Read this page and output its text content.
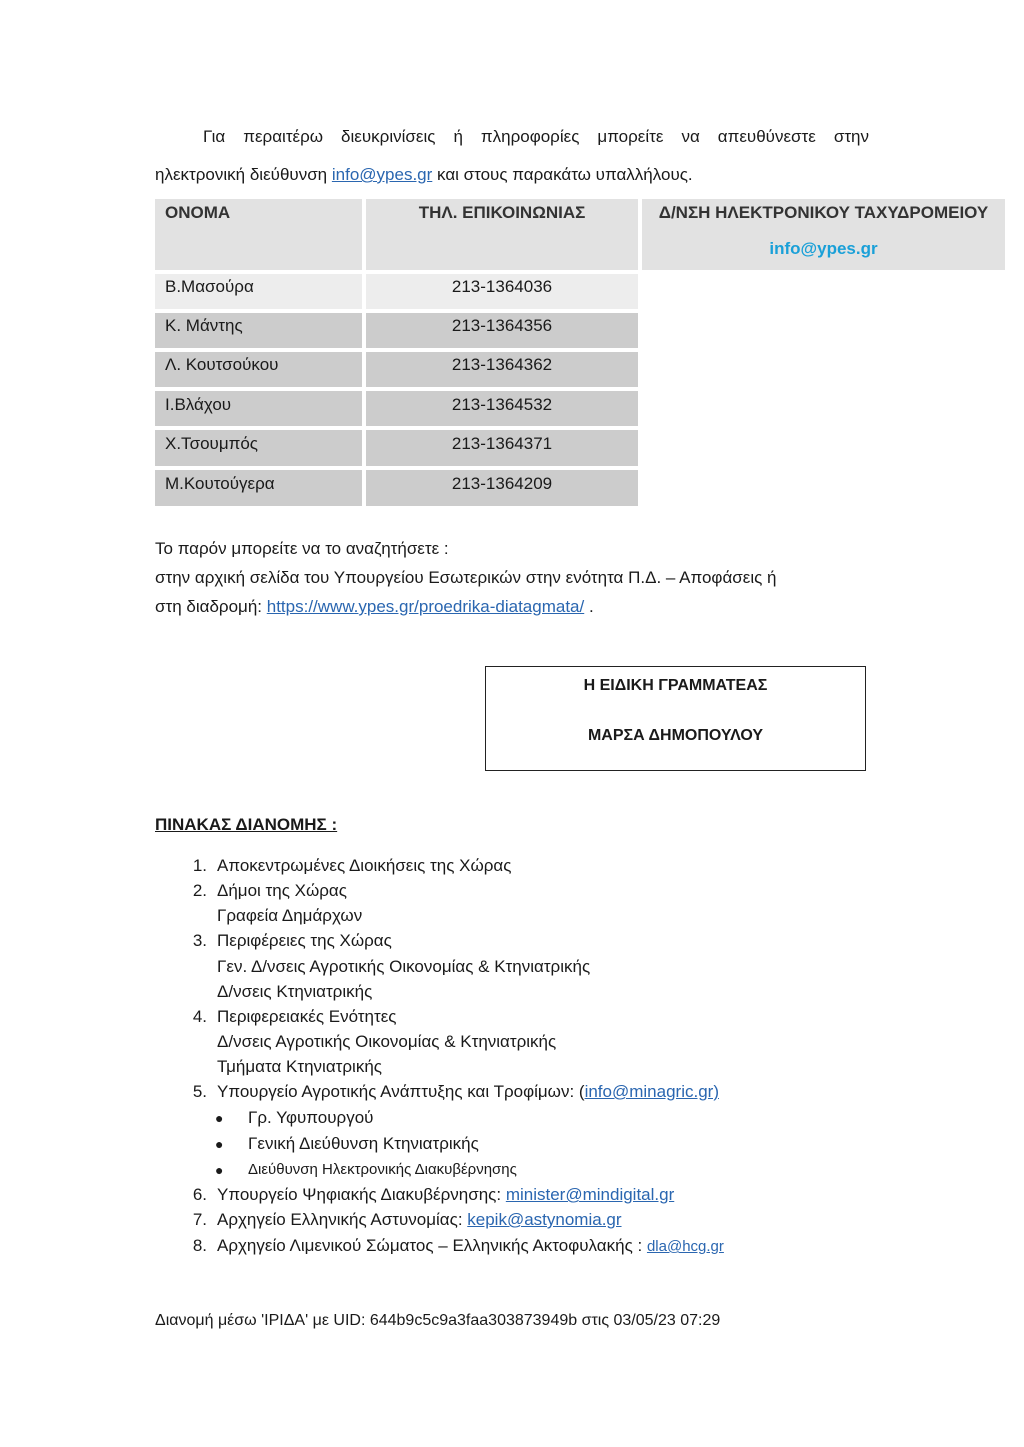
Για περαιτέρω διευκρινίσεις ή πληροφορίες μπορείτε να απευθύνεστε στην
ηλεκτρονική διεύθυνση info@ypes.gr και στους παρακάτω υπαλλήλους.
ΟΝΟΜΑ	ΤΗΛ. ΕΠΙΚΟΙΝΩΝΙΑΣ	Δ/ΝΣΗ ΗΛΕΚΤΡΟΝΙΚΟΥ ΤΑΧΥΔΡΟΜΕΙΟΥ
info@ypes.gr
Β.Μασούρα	213-1364036
Κ. Μάντης	213-1364356
Λ. Κουτσούκου	213-1364362
Ι.Βλάχου	213-1364532
Χ.Τσουμπός	213-1364371
Μ.Κουτούγερα	213-1364209
Το παρόν μπορείτε να το αναζητήσετε :
στην αρχική σελίδα του Υπουργείου Εσωτερικών στην ενότητα Π.Δ. – Αποφάσεις ή
στη διαδρομή: https://www.ypes.gr/proedrika-diatagmata/ .
Η ΕΙΔΙΚΗ ΓΡΑΜΜΑΤΕΑΣ
ΜΑΡΣΑ ΔΗΜΟΠΟΥΛΟΥ
ΠΙΝΑΚΑΣ ΔΙΑΝΟΜΗΣ :
1. Αποκεντρωμένες Διοικήσεις της Χώρας
2. Δήμοι της Χώρας
Γραφεία Δημάρχων
3. Περιφέρειες της Χώρας
Γεν. Δ/νσεις Αγροτικής Οικονομίας & Κτηνιατρικής
Δ/νσεις Κτηνιατρικής
4. Περιφερειακές Ενότητες
Δ/νσεις Αγροτικής Οικονομίας & Κτηνιατρικής
Τμήματα Κτηνιατρικής
5. Υπουργείο Αγροτικής Ανάπτυξης και Τροφίμων: (info@minagric.gr)
● Γρ. Υφυπουργού
● Γενική Διεύθυνση Κτηνιατρικής
● Διεύθυνση Ηλεκτρονικής Διακυβέρνησης
6. Υπουργείο Ψηφιακής Διακυβέρνησης: minister@mindigital.gr
7. Αρχηγείο Ελληνικής Αστυνομίας: kepik@astynomia.gr
8. Αρχηγείο Λιμενικού Σώματος – Ελληνικής Ακτοφυλακής : dla@hcg.gr
Διανομή μέσω 'ΙΡΙΔΑ' με UID: 644b9c5c9a3faa303873949b στις 03/05/23 07:29
